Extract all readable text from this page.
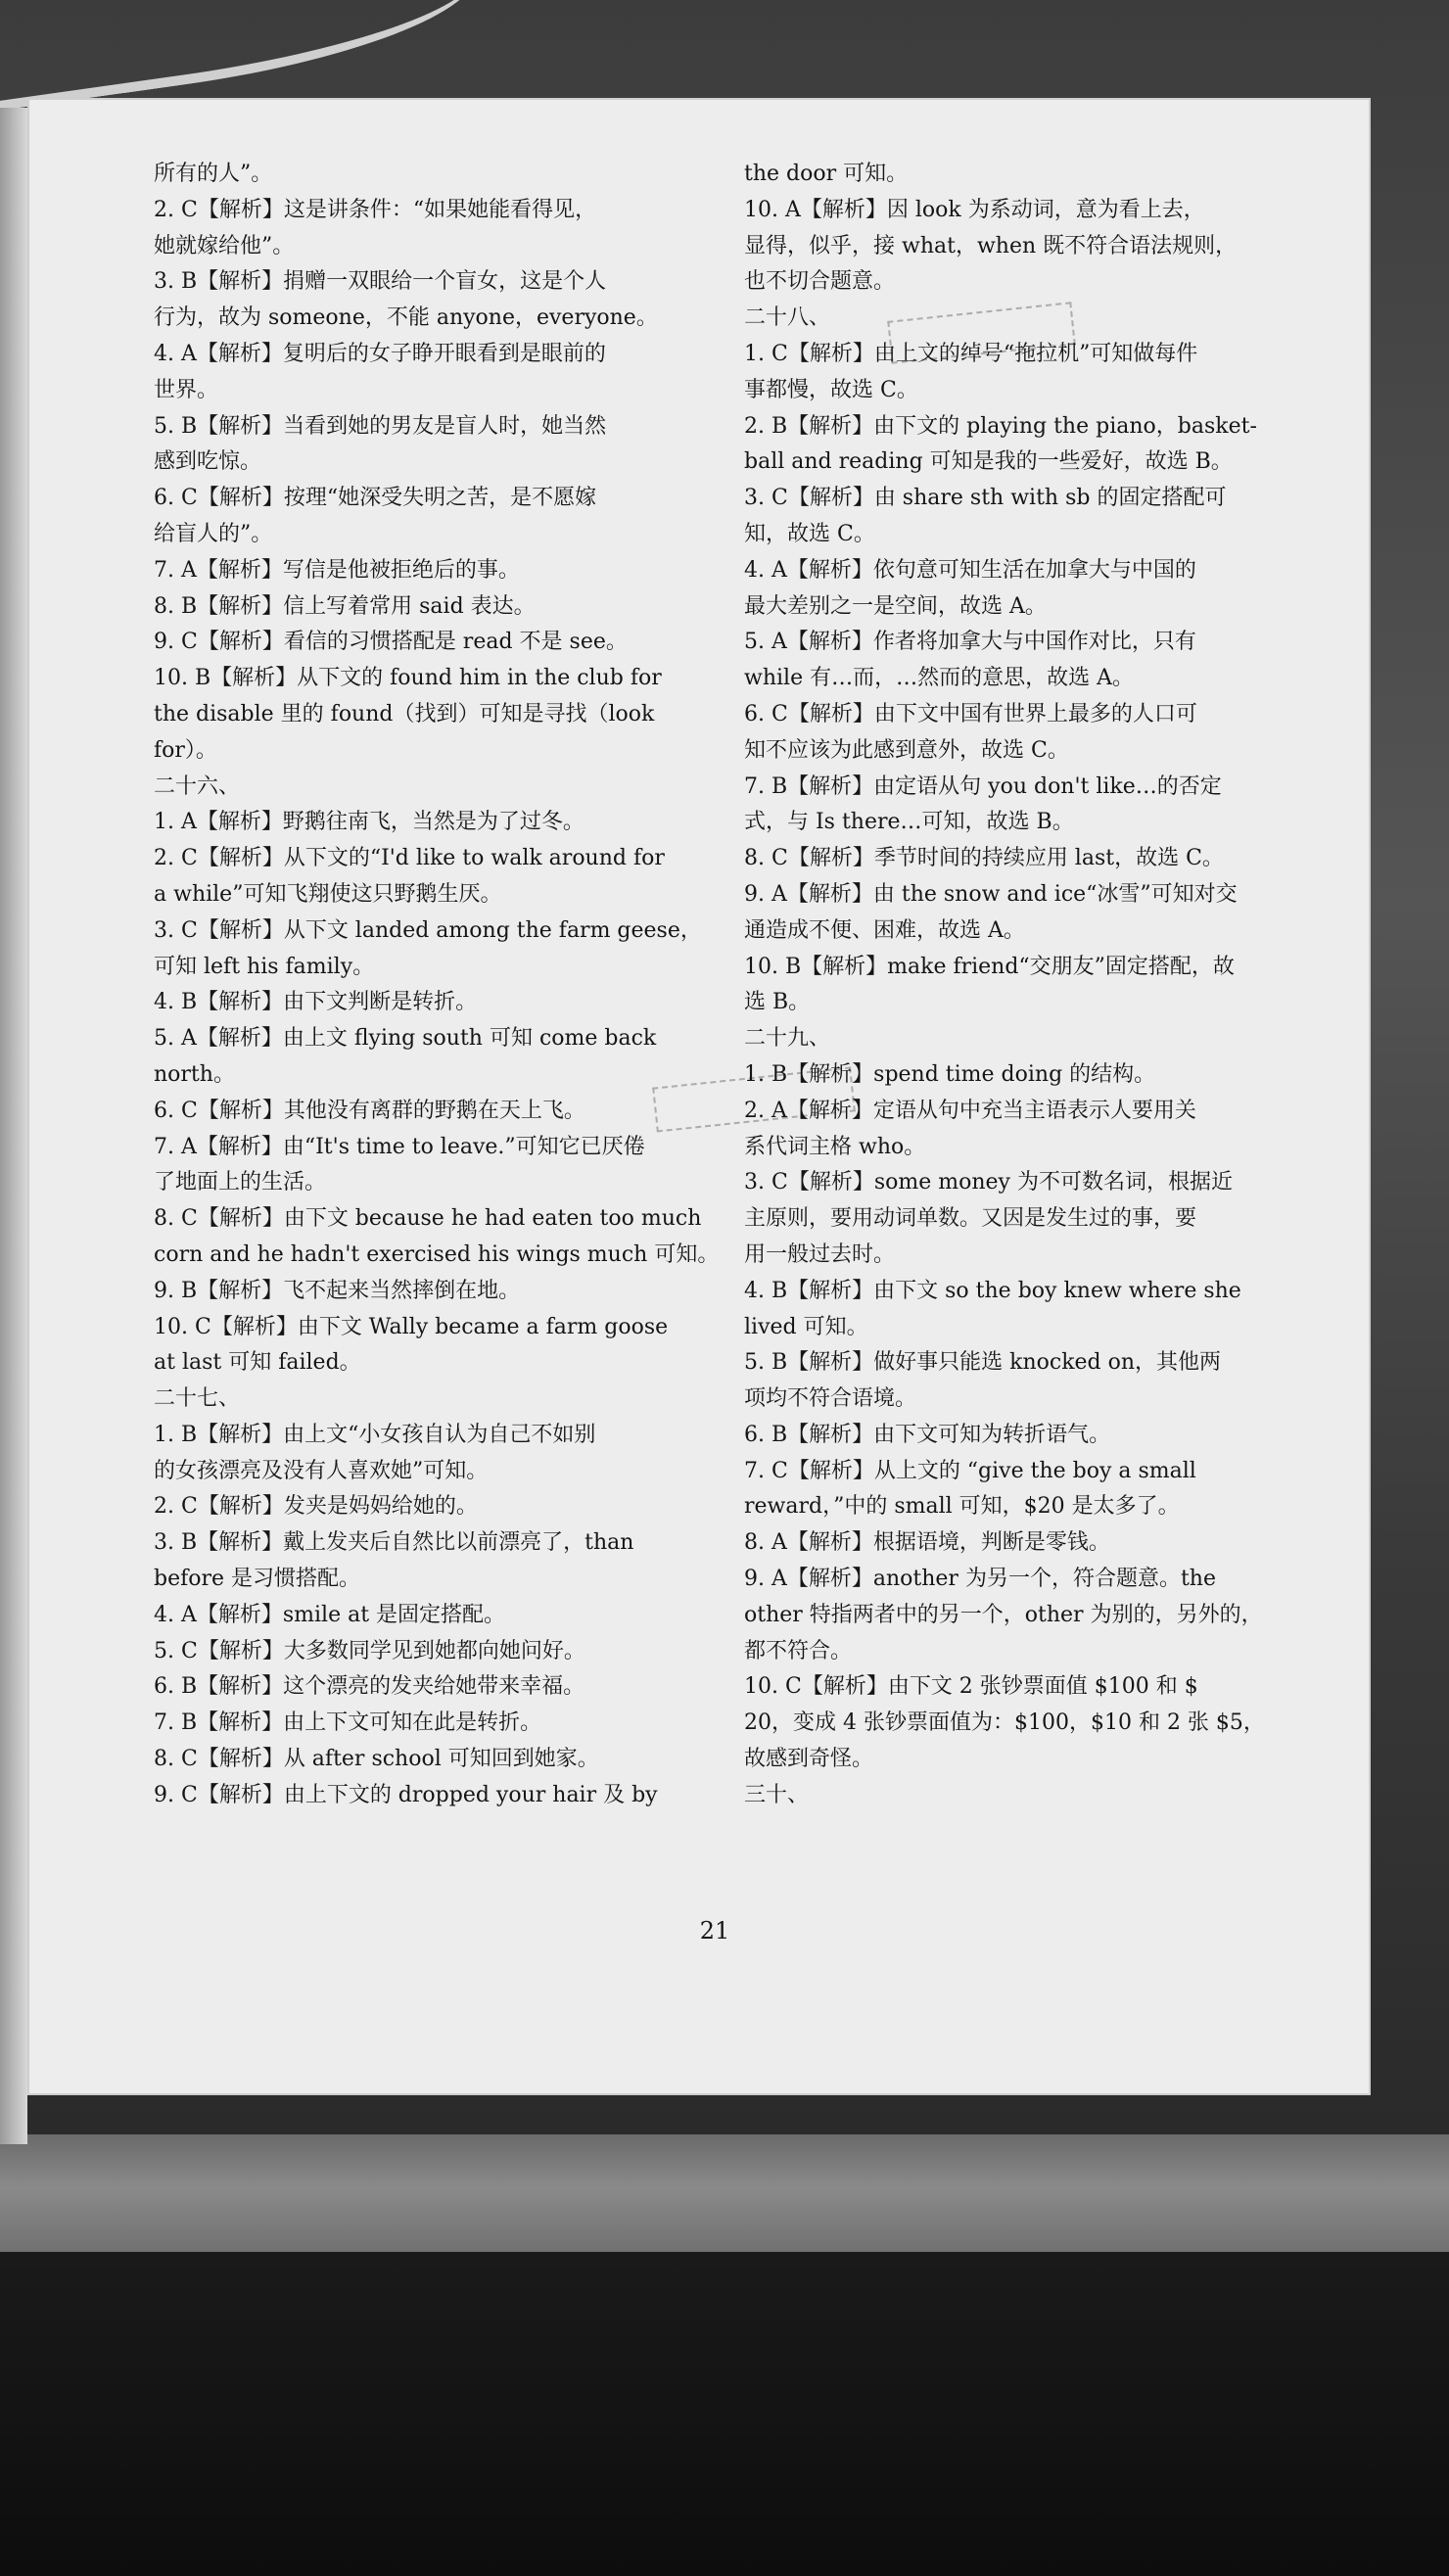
所有的人”。
2. C【解析】这是讲条件：“如果她能看得见，
她就嫁给他”。
3. B【解析】捐赠一双眼给一个盲女，这是个人
行为，故为 someone，不能 anyone，everyone。
4. A【解析】复明后的女子睁开眼看到是眼前的
世界。
5. B【解析】当看到她的男友是盲人时，她当然
感到吃惊。
6. C【解析】按理“她深受失明之苦，是不愿嫁
给盲人的”。
7. A【解析】写信是他被拒绝后的事。
8. B【解析】信上写着常用 said 表达。
9. C【解析】看信的习惯搭配是 read 不是 see。
10. B【解析】从下文的 found him in the club for
the disable 里的 found（找到）可知是寻找（look
for）。
二十六、
1. A【解析】野鹅往南飞，当然是为了过冬。
2. C【解析】从下文的“I'd like to walk around for
a while”可知飞翔使这只野鹅生厌。
3. C【解析】从下文 landed among the farm geese，
可知 left his family。
4. B【解析】由下文判断是转折。
5. A【解析】由上文 flying south 可知 come back
north。
6. C【解析】其他没有离群的野鹅在天上飞。
7. A【解析】由“It's time to leave.”可知它已厌倦
了地面上的生活。
8. C【解析】由下文 because he had eaten too much
corn and he hadn't exercised his wings much 可知。
9. B【解析】飞不起来当然摔倒在地。
10. C【解析】由下文 Wally became a farm goose
at last 可知 failed。
二十七、
1. B【解析】由上文“小女孩自认为自己不如别
的女孩漂亮及没有人喜欢她”可知。
2. C【解析】发夹是妈妈给她的。
3. B【解析】戴上发夹后自然比以前漂亮了，than
before 是习惯搭配。
4. A【解析】smile at 是固定搭配。
5. C【解析】大多数同学见到她都向她问好。
6. B【解析】这个漂亮的发夹给她带来幸福。
7. B【解析】由上下文可知在此是转折。
8. C【解析】从 after school 可知回到她家。
9. C【解析】由上下文的 dropped your hair 及 by
the door 可知。
10. A【解析】因 look 为系动词，意为看上去，
显得，似乎，接 what，when 既不符合语法规则，
也不切合题意。
二十八、
1. C【解析】由上文的绰号“拖拉机”可知做每件
事都慢，故选 C。
2. B【解析】由下文的 playing the piano，basket-
ball and reading 可知是我的一些爱好，故选 B。
3. C【解析】由 share sth with sb 的固定搭配可
知，故选 C。
4. A【解析】依句意可知生活在加拿大与中国的
最大差别之一是空间，故选 A。
5. A【解析】作者将加拿大与中国作对比，只有
while 有…而，…然而的意思，故选 A。
6. C【解析】由下文中国有世界上最多的人口可
知不应该为此感到意外，故选 C。
7. B【解析】由定语从句 you don't like…的否定
式，与 Is there…可知，故选 B。
8. C【解析】季节时间的持续应用 last，故选 C。
9. A【解析】由 the snow and ice“冰雪”可知对交
通造成不便、困难，故选 A。
10. B【解析】make friend“交朋友”固定搭配，故
选 B。
二十九、
1. B【解析】spend time doing 的结构。
2. A【解析】定语从句中充当主语表示人要用关
系代词主格 who。
3. C【解析】some money 为不可数名词，根据近
主原则，要用动词单数。又因是发生过的事，要
用一般过去时。
4. B【解析】由下文 so the boy knew where she
lived 可知。
5. B【解析】做好事只能选 knocked on，其他两
项均不符合语境。
6. B【解析】由下文可知为转折语气。
7. C【解析】从上文的 “give the boy a small
reward，”中的 small 可知，$20 是太多了。
8. A【解析】根据语境，判断是零钱。
9. A【解析】another 为另一个，符合题意。the
other 特指两者中的另一个，other 为别的，另外的，
都不符合。
10. C【解析】由下文 2 张钞票面值 $100 和 $
20，变成 4 张钞票面值为：$100，$10 和 2 张 $5，
故感到奇怪。
三十、
21
